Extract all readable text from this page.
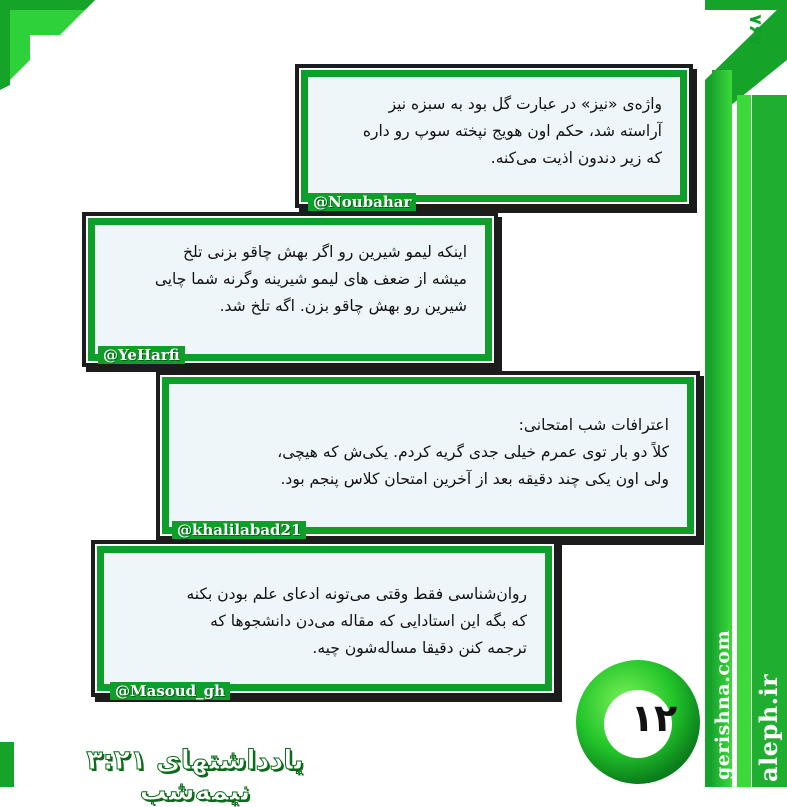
gerishna.com aleph.ir
۷۶۷

واژه‌ی «نیز» در عبارت گل بود به سبزه نیز
آراسته شد، حکم اون هویج نپخته سوپ رو داره
که زیر دندون اذیت می‌کنه.

@Noubahar

اینکه لیمو شیرین رو اگر بهش چاقو بزنی تلخ
میشه از ضعف های لیمو شیرینه وگرنه شما چایی
شیرین رو بهش چاقو بزن. اگه تلخ شد.

@YeHarfi

اعترافات شب امتحانی:
کلاً دو بار توی عمرم خیلی جدی گریه کردم. یکی‌ش که هیچی،
ولی اون یکی چند دقیقه بعد از آخرین امتحان کلاس پنجم بود.

@khalilabad21

روان‌شناسی فقط وقتی می‌تونه ادعای علم بودن بکنه
که بگه این استادایی که مقاله می‌دن دانشجوها که
ترجمه کنن دقیقا مساله‌شون چیه.

@Masoud_gh
۱۲
یادداشتهای ۳:۲۱ نیمه‌شب
